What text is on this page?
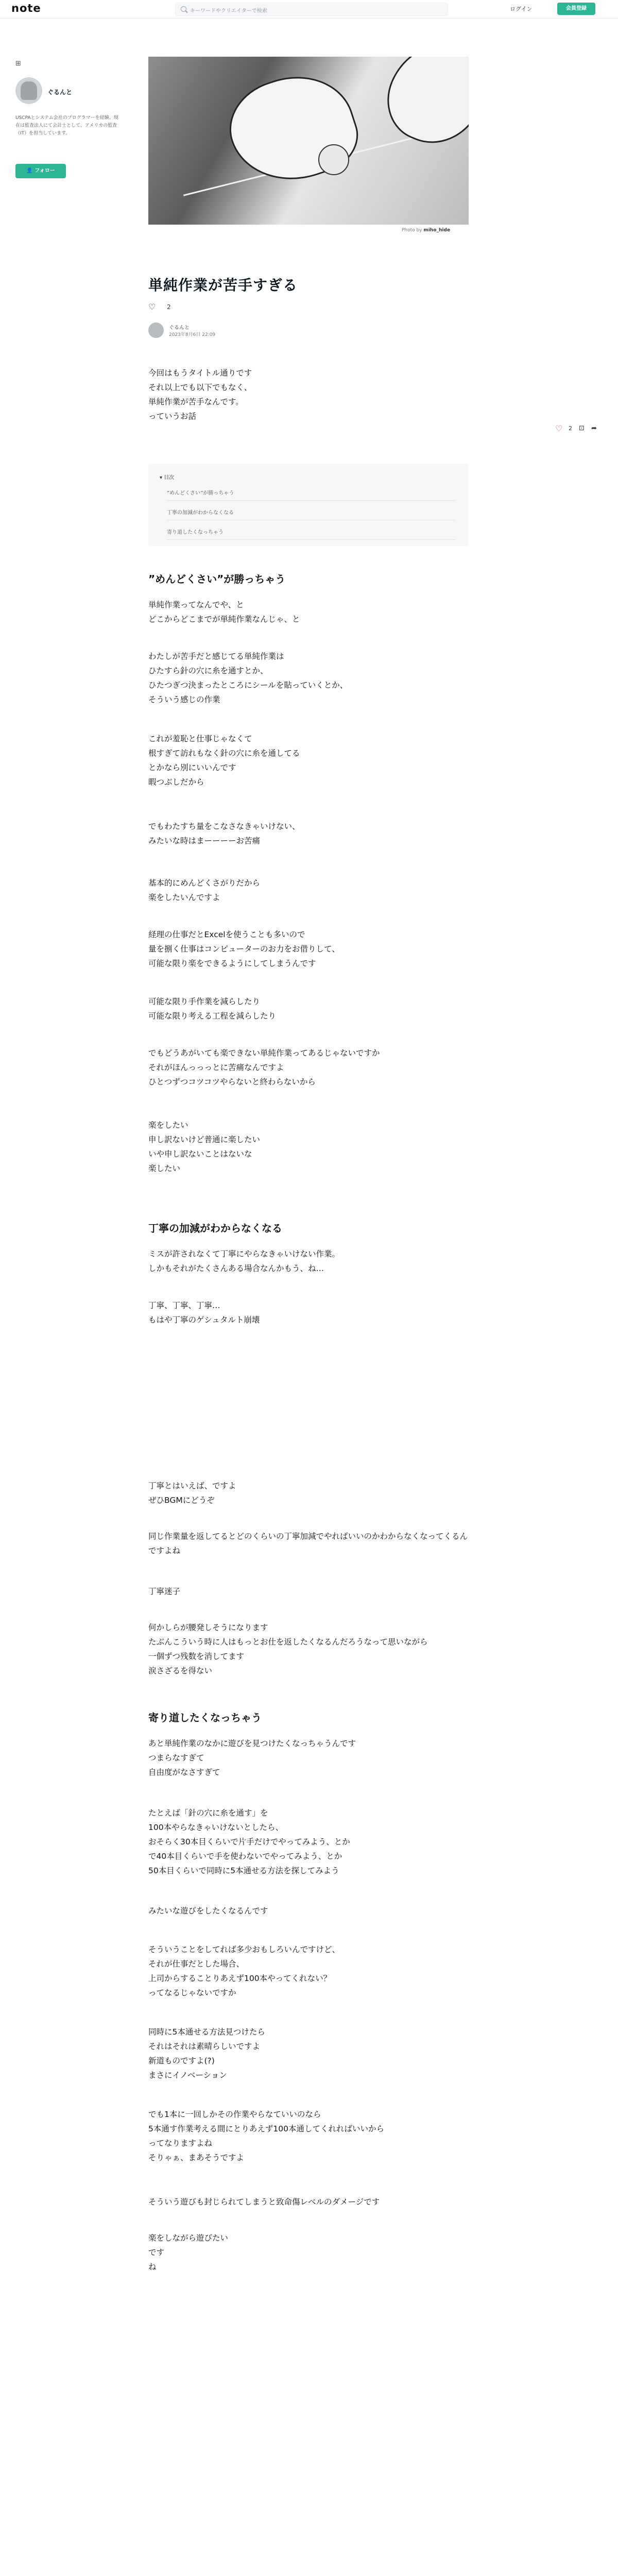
note	キーワードやクリエイターで検索	ログイン	会員登録
⊞
ぐるんと
USCPAとシステム会社のプログラマーを経験、現在は監査法人にて会計士として、アメリカの監査（IT）を担当しています。
👤 フォロー
Photo by miho_hide
単純作業が苦手すぎる
♡ 2
ぐるんと
2023年8月6日 22:09
♡ 2 ⊡ ➦
今回はもうタイトル通りです
それ以上でも以下でもなく、
単純作業が苦手なんです。
っていうお話
▾ 目次
”めんどくさい”が勝っちゃう
丁寧の加減がわからなくなる
寄り道したくなっちゃう
”めんどくさい”が勝っちゃう
単純作業ってなんでや、と
どこからどこまでが単純作業なんじゃ、と
わたしが苦手だと感じてる単純作業は
ひたすら針の穴に糸を通すとか、
ひたつぎつ決まったところにシールを貼っていくとか、
そういう感じの作業
これが羞恥と仕事じゃなくて
根すぎて訪れもなく針の穴に糸を通してる
とかなら別にいいんです
暇つぶしだから
でもわたすち量をこなさなきゃいけない、
みたいな時はまーーーーお苦痛
基本的にめんどくさがりだから
楽をしたいんですよ
経理の仕事だとExcelを使うことも多いので
量を捌く仕事はコンピューターのお力をお借りして、
可能な限り楽をできるようにしてしまうんです
可能な限り手作業を減らしたり
可能な限り考える工程を減らしたり
でもどうあがいても楽できない単純作業ってあるじゃないですか
それがほんっっっとに苦痛なんですよ
ひとつずつコツコツやらないと終わらないから
楽をしたい
申し訳ないけど普通に楽したい
いや申し訳ないことはないな
楽したい
丁寧の加減がわからなくなる
ミスが許されなくて丁寧にやらなきゃいけない作業。
しかもそれがたくさんある場合なんかもう、ね…
丁寧、丁寧、丁寧…
もはや丁寧のゲシュタルト崩壊
丁寧とはいえば、ですよ
ぜひBGMにどうぞ
同じ作業量を返してるとどのくらいの丁寧加減でやればいいのかわからなくなってくるんですよね
丁寧迷子
何かしらが腰発しそうになります
たぶんこういう時に人はもっとお仕を返したくなるんだろうなって思いながら
一個ずつ残数を消してます
涙さざるを得ない
寄り道したくなっちゃう
あと単純作業のなかに遊びを見つけたくなっちゃうんです
つまらなすぎて
自由度がなさすぎて
たとえば「針の穴に糸を通す」を
100本やらなきゃいけないとしたら、
おそらく30本目くらいで片手だけでやってみよう、とか
で40本目くらいで手を使わないでやってみよう、とか
50本目くらいで同時に5本通せる方法を探してみよう
みたいな遊びをしたくなるんです
そういうことをしてれば多少おもしろいんですけど、
それが仕事だとした場合、
上司からすることりあえず100本やってくれない？
ってなるじゃないですか
同時に5本通せる方法見つけたら
それはそれは素晴らしいですよ
新道ものですよ(?)
まさにイノベーション
でも1本に一回しかその作業やらなていいのなら
5本通す作業考える間にとりあえず100本通してくれればいいから
ってなりますよね
そりゃぁ、まあそうですよ
そういう遊びも封じられてしまうと致命傷レベルのダメージです
楽をしながら遊びたい
です
ね
